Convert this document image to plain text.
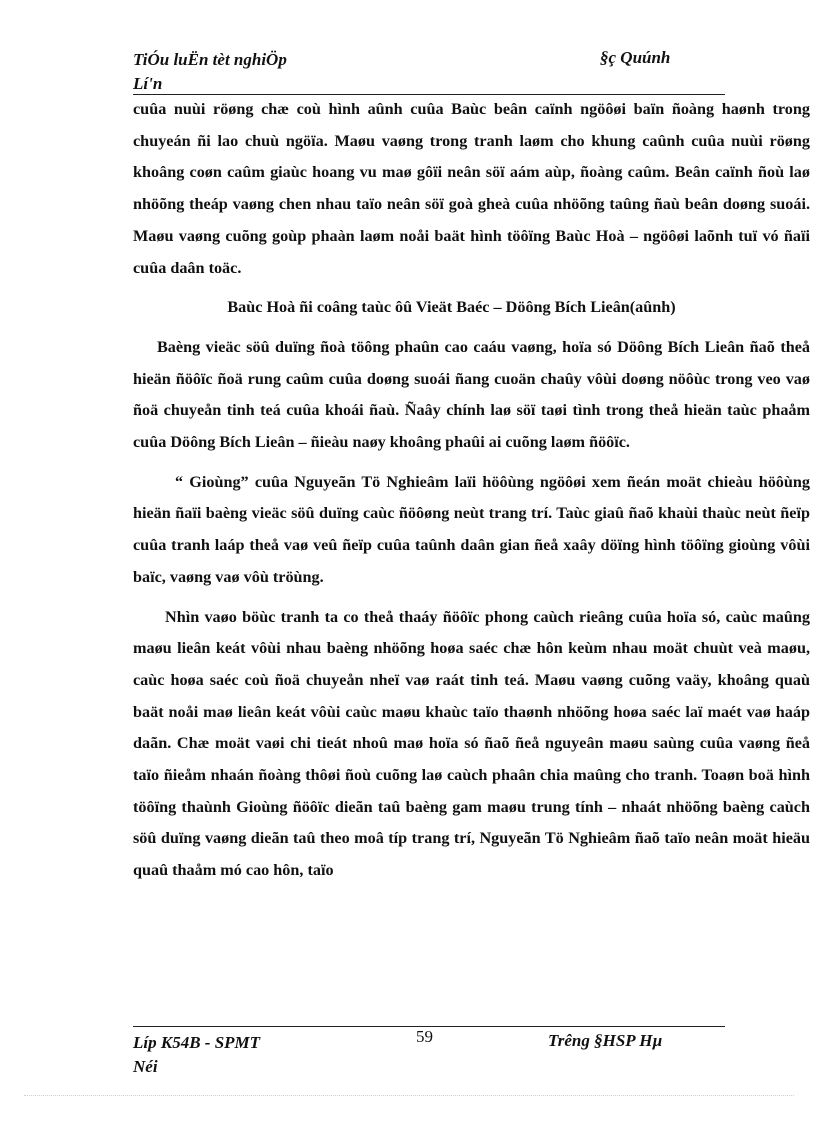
TiÓu luËn tèt nghiÖp
Lí'n
§ç Quúnh

cuûa nuùi röøng chæ coù hình aûnh cuûa Baùc beân caïnh ngöôøi baïn ñoàng haønh trong chuyeán ñi lao chuù ngöïa. Maøu vaøng trong tranh laøm cho khung caûnh cuûa nuùi röøng khoâng coøn caûm giaùc hoang vu maø gôïi neân söï aám aùp, ñoàng caûm. Beân caïnh ñoù laø nhöõng theáp vaøng chen nhau taïo neân söï goà gheà cuûa nhöõng taûng ñaù beân doøng suoái. Maøu vaøng cuõng goùp phaàn laøm noåi baät hình töôïng Baùc Hoà – ngöôøi laõnh tuï vó ñaïi cuûa daân toäc.

Baùc Hoà ñi coâng taùc ôû Vieät Baéc – Döông Bích Lieân(aûnh)

Baèng vieäc söû duïng ñoà töông phaûn cao caáu vaøng, hoïa só Döông Bích Lieân ñaõ theå hieän ñöôïc ñoä rung caûm cuûa doøng suoái ñang cuoän chaûy vôùi doøng nöôùc trong veo vaø ñoä chuyeån tinh teá cuûa khoái ñaù. Ñaây chính laø söï taøi tình trong theå hieän taùc phaåm cuûa Döông Bích Lieân – ñieàu naøy khoâng phaûi ai cuõng laøm ñöôïc.

“ Gioùng” cuûa Nguyeãn Tö Nghieâm laïi höôùng ngöôøi xem ñeán moät chieàu höôùng hieän ñaïi baèng vieäc söû duïng caùc ñöôøng neùt trang trí. Taùc giaû ñaõ khaùi thaùc neùt ñeïp cuûa tranh laáp theå vaø veû ñeïp cuûa taûnh daân gian ñeå xaây döïng hình töôïng gioùng vôùi baïc, vaøng vaø vôù tröùng.

Nhìn vaøo böùc tranh ta co theå thaáy ñöôïc phong caùch rieâng cuûa hoïa só, caùc maûng maøu lieân keát vôùi nhau baèng nhöõng hoøa saéc chæ hôn keùm nhau moät chuùt veà maøu, caùc hoøa saéc coù ñoä chuyeån nheï vaø raát tinh teá. Maøu vaøng cuõng vaäy, khoâng quaù baät noåi maø lieân keát vôùi caùc maøu khaùc taïo thaønh nhöõng hoøa saéc laï maét vaø haáp daãn. Chæ moät vaøi chi tieát nhoû maø hoïa só ñaõ ñeå nguyeân maøu saùng cuûa vaøng ñeå taïo ñieåm nhaán ñoàng thôøi ñoù cuõng laø caùch phaân chia maûng cho tranh. Toaøn boä hình töôïng thaùnh Gioùng ñöôïc dieãn taû baèng gam maøu trung tính – nhaát nhöõng baèng caùch söû duïng vaøng dieãn taû theo moâ típ trang trí, Nguyeãn Tö Nghieâm ñaõ taïo neân moät hieäu quaû thaåm mó cao hôn, taïo

Líp K54B - SPMT
Néi
59	Trêng §HSP Hµ
